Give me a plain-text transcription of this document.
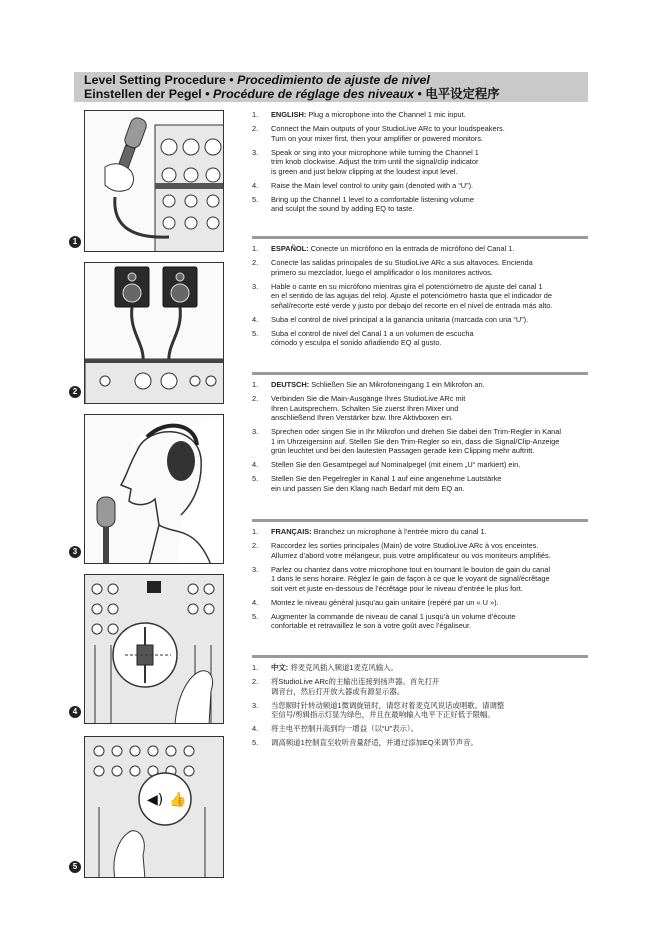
Level Setting Procedure • Procedimiento de ajuste de nivel
Einstellen der Pegel • Procédure de réglage des niveaux • 电平设定程序
1
2
3
4
◀) 👍
5
1. ENGLISH: Plug a microphone into the Channel 1 mic input.
2. Connect the Main outputs of your StudioLive ARc to your loudspeakers.
Turn on your mixer first, then your amplifier or powered monitors.
3. Speak or sing into your microphone while turning the Channel 1
trim knob clockwise. Adjust the trim until the signal/clip indicator
is green and just below clipping at the loudest input level.
4. Raise the Main level control to unity gain (denoted with a “U”).
5. Bring up the Channel 1 level to a comfortable listening volume
and sculpt the sound by adding EQ to taste.
1. ESPAÑOL: Conecte un micrófono en la entrada de micrófono del Canal 1.
2. Conecte las salidas principales de su StudioLive ARc a sus altavoces. Encienda
primero su mezclador, luego el amplificador o los monitores activos.
3. Hable o cante en su micrófono mientras gira el potenciómetro de ajuste del canal 1
en el sentido de las agujas del reloj. Ajuste el potenciómetro hasta que el indicador de
señal/recorte esté verde y justo por debajo del recorte en el nivel de entrada más alto.
4. Suba el control de nivel principal a la ganancia unitaria (marcada con una “U”).
5. Suba el control de nivel del Canal 1 a un volumen de escucha
cómodo y esculpa el sonido añadiendo EQ al gusto.
1. DEUTSCH: Schließen Sie an Mikrofoneingang 1 ein Mikrofon an.
2. Verbinden Sie die Main-Ausgänge Ihres StudioLive ARc mit
Ihren Lautsprechern. Schalten Sie zuerst Ihren Mixer und
anschließend Ihren Verstärker bzw. Ihre Aktivboxen ein.
3. Sprechen oder singen Sie in Ihr Mikrofon und drehen Sie dabei den Trim-Regler in Kanal
1 im Uhrzeigersinn auf. Stellen Sie den Trim-Regler so ein, dass die Signal/Clip-Anzeige
grün leuchtet und bei den lautesten Passagen gerade kein Clipping mehr auftritt.
4. Stellen Sie den Gesamtpegel auf Nominalpegel (mit einem „U“ markiert) ein.
5. Stellen Sie den Pegelregler in Kanal 1 auf eine angenehme Lautstärke
ein und passen Sie den Klang nach Bedarf mit dem EQ an.
1. FRANÇAIS: Branchez un microphone à l’entrée micro du canal 1.
2. Raccordez les sorties principales (Main) de votre StudioLive ARc à vos enceintes.
Allumez d’abord votre mélangeur, puis votre amplificateur ou vos moniteurs amplifiés.
3. Parlez ou chantez dans votre microphone tout en tournant le bouton de gain du canal
1 dans le sens horaire. Réglez le gain de façon à ce que le voyant de signal/écrêtage
soit vert et juste en-dessous de l’écrêtage pour le niveau d’entrée le plus fort.
4. Montez le niveau général jusqu’au gain unitaire (repéré par un « U »).
5. Augmenter la commande de niveau de canal 1 jusqu’à un volume d’écoute
confortable et retravaillez le son à votre goût avec l’égaliseur.
1. 中文: 将麦克风插入频道1麦克风输入。
2. 将StudioLive ARc的主输出连接到扬声器。首先打开
调音台，然后打开放大器或有源显示器。
3. 当您顺时针转动频道1微调旋钮时，请您对着麦克风说话或唱歌。请调整
至信号/剪辑指示灯显为绿色，并且在最响输入电平下正好低于限幅。
4. 将主电平控制升高到均一增益（以“U”表示）。
5. 调高频道1控制直至收听音量舒适，并通过添加EQ来调节声音。
